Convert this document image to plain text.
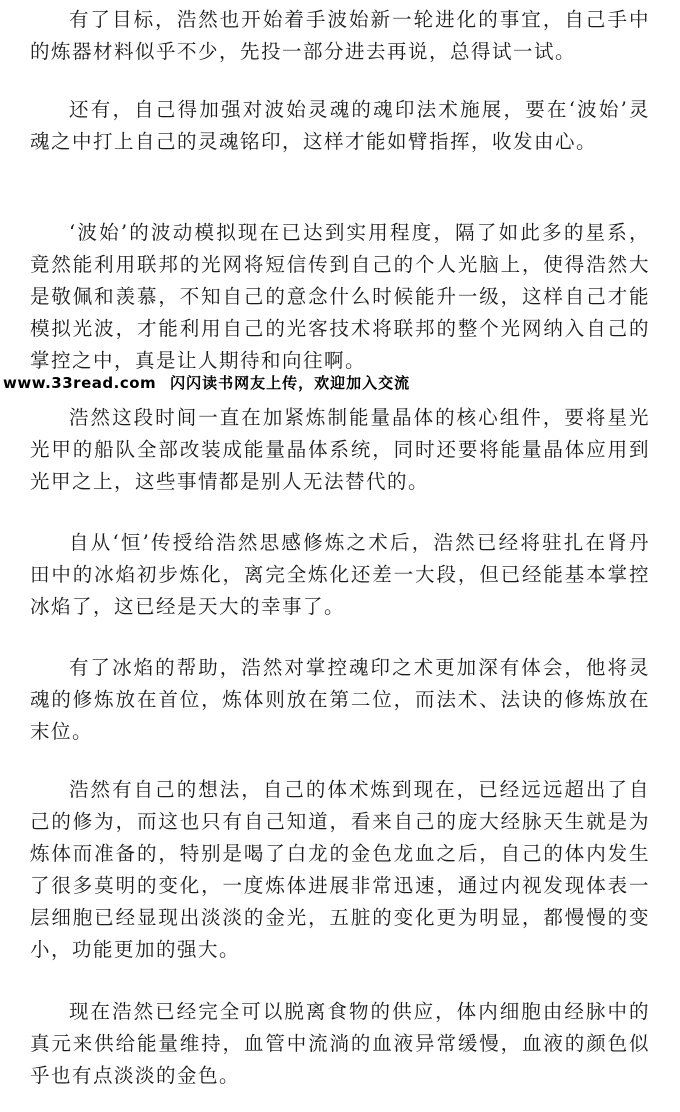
有了目标，浩然也开始着手波始新一轮进化的事宜，自己手中的炼器材料似乎不少，先投一部分进去再说，总得试一试。

还有，自己得加强对波始灵魂的魂印法术施展，要在‘波始’灵魂之中打上自己的灵魂铭印，这样才能如臂指挥，收发由心。

‘波始’的波动模拟现在已达到实用程度，隔了如此多的星系，竟然能利用联邦的光网将短信传到自己的个人光脑上，使得浩然大是敬佩和羡慕，不知自己的意念什么时候能升一级，这样自己才能模拟光波，才能利用自己的光客技术将联邦的整个光网纳入自己的掌控之中，真是让人期待和向往啊。

www.33read.com 闪闪读书网友上传，欢迎加入交流

浩然这段时间一直在加紧炼制能量晶体的核心组件，要将星光光甲的船队全部改装成能量晶体系统，同时还要将能量晶体应用到光甲之上，这些事情都是别人无法替代的。

自从‘恒’传授给浩然思感修炼之术后，浩然已经将驻扎在肾丹田中的冰焰初步炼化，离完全炼化还差一大段，但已经能基本掌控冰焰了，这已经是天大的幸事了。

有了冰焰的帮助，浩然对掌控魂印之术更加深有体会，他将灵魂的修炼放在首位，炼体则放在第二位，而法术、法诀的修炼放在末位。

浩然有自己的想法，自己的体术炼到现在，已经远远超出了自己的修为，而这也只有自己知道，看来自己的庞大经脉天生就是为炼体而准备的，特别是喝了白龙的金色龙血之后，自己的体内发生了很多莫明的变化，一度炼体进展非常迅速，通过内视发现体表一层细胞已经显现出淡淡的金光，五脏的变化更为明显，都慢慢的变小，功能更加的强大。

现在浩然已经完全可以脱离食物的供应，体内细胞由经脉中的真元来供给能量维持，血管中流淌的血液异常缓慢，血液的颜色似乎也有点淡淡的金色。
